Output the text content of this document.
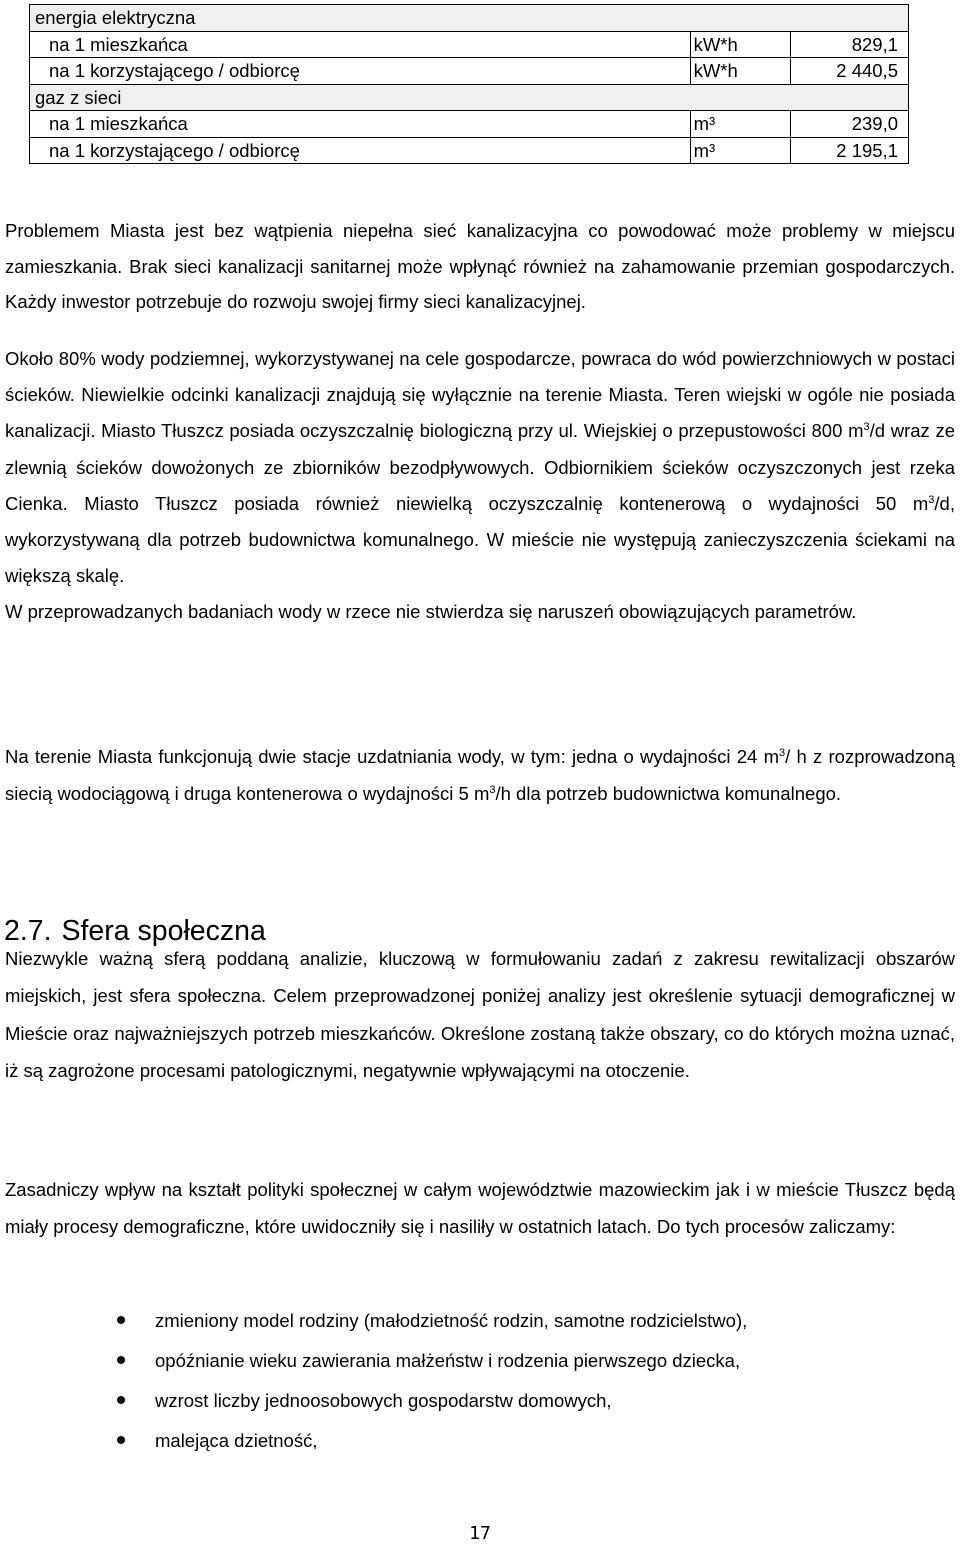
energia elektryczna		
na 1 mieszkańca	kW*h	829,1
na 1 korzystającego / odbiorcę	kW*h	2 440,5
gaz z sieci		
na 1 mieszkańca	m³	239,0
na 1 korzystającego / odbiorcę	m³	2 195,1

Problemem Miasta jest bez wątpienia niepełna sieć kanalizacyjna co powodować może problemy w miejscu zamieszkania. Brak sieci kanalizacji sanitarnej może wpłynąć również na zahamowanie przemian gospodarczych. Każdy inwestor potrzebuje do rozwoju swojej firmy sieci kanalizacyjnej.

Około 80% wody podziemnej, wykorzystywanej na cele gospodarcze, powraca do wód powierzchniowych w postaci ścieków. Niewielkie odcinki kanalizacji znajdują się wyłącznie na terenie Miasta. Teren wiejski w ogóle nie posiada kanalizacji. Miasto Tłuszcz posiada oczyszczalnię biologiczną przy ul. Wiejskiej o przepustowości 800 $m^3/d$ wraz ze zlewnią ścieków dowożonych ze zbiorników bezodpływowych. Odbiornikiem ścieków oczyszczonych jest rzeka Cienka. Miasto Tłuszcz posiada również niewielką oczyszczalnię kontenerową o wydajności 50 $m^3/d$, wykorzystywaną dla potrzeb budownictwa komunalnego. W mieście nie występują zanieczyszczenia ściekami na większą skalę.
W przeprowadzanych badaniach wody w rzece nie stwierdza się naruszeń obowiązujących parametrów.

Na terenie Miasta funkcjonują dwie stacje uzdatniania wody, w tym: jedna o wydajności 24 $m^3/$ h z rozprowadzoną siecią wodociągową i druga kontenerowa o wydajności 5 $m^3/h$ dla potrzeb budownictwa komunalnego.

2.7. Sfera społeczna

Niezwykle ważną sferą poddaną analizie, kluczową w formułowaniu zadań z zakresu rewitalizacji obszarów miejskich, jest sfera społeczna. Celem przeprowadzonej poniżej analizy jest określenie sytuacji demograficznej w Mieście oraz najważniejszych potrzeb mieszkańców. Określone zostaną także obszary, co do których można uznać, iż są zagrożone procesami patologicznymi, negatywnie wpływającymi na otoczenie.

Zasadniczy wpływ na kształt polityki społecznej w całym województwie mazowieckim jak i w mieście Tłuszcz będą miały procesy demograficzne, które uwidoczniły się i nasiliły w ostatnich latach. Do tych procesów zaliczamy:

zmieniony model rodziny (małodzietność rodzin, samotne rodzicielstwo),
opóźnianie wieku zawierania małżeństw i rodzenia pierwszego dziecka,
wzrost liczby jednoosobowych gospodarstw domowych,
malejąca dzietność,
17
